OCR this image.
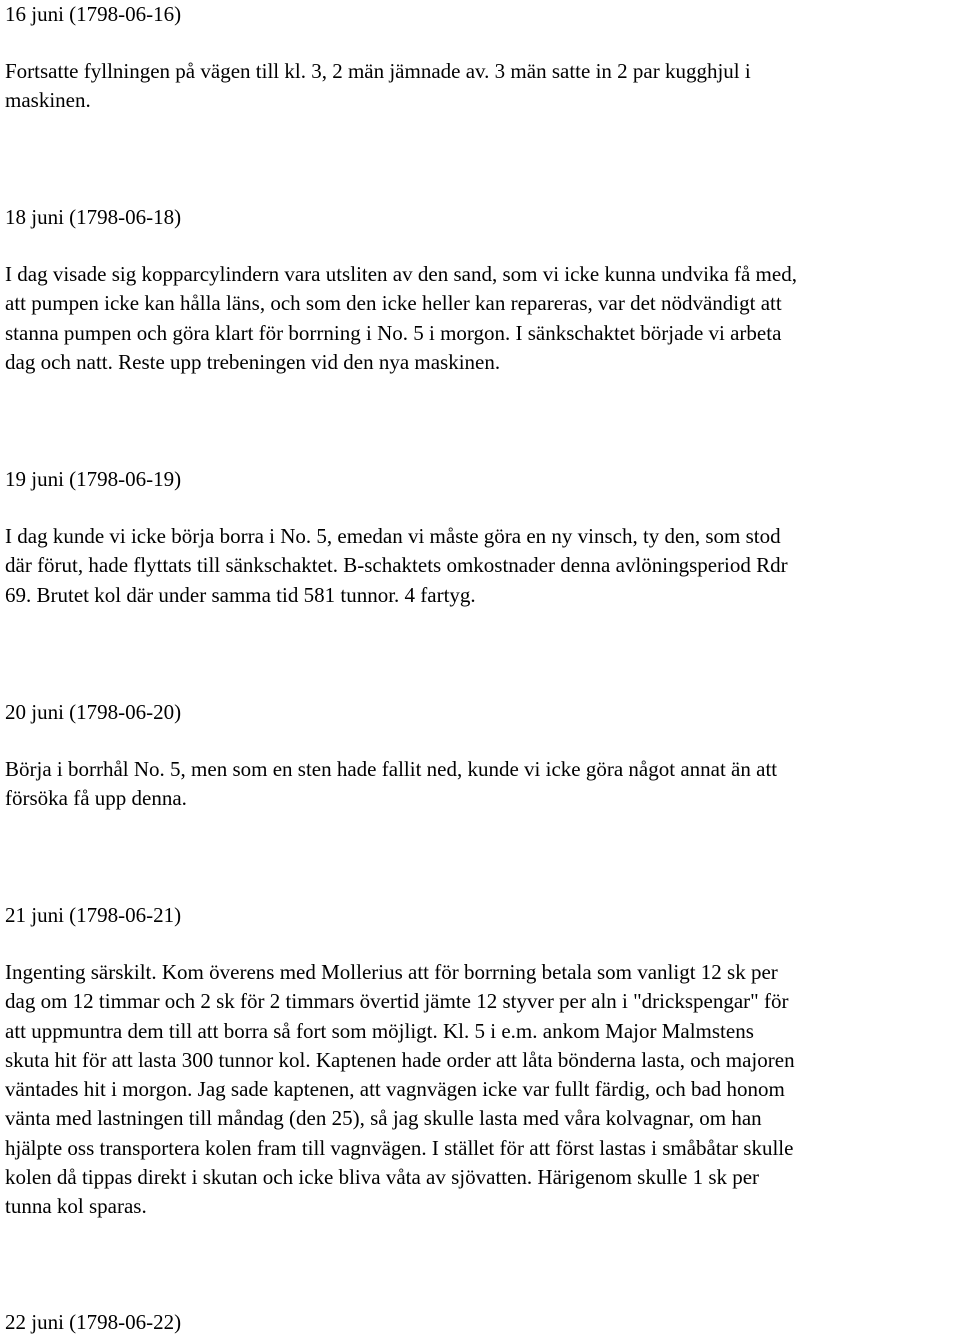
16 juni (1798-06-16)
Fortsatte fyllningen på vägen till kl. 3, 2 män jämnade av. 3 män satte in 2 par kugghjul i
maskinen.
18 juni (1798-06-18)
I dag visade sig kopparcylindern vara utsliten av den sand, som vi icke kunna undvika få med,
att pumpen icke kan hålla läns, och som den icke heller kan repareras, var det nödvändigt att
stanna pumpen och göra klart för borrning i No. 5 i morgon. I sänkschaktet började vi arbeta
dag och natt. Reste upp trebeningen vid den nya maskinen.
19 juni (1798-06-19)
I dag kunde vi icke börja borra i No. 5, emedan vi måste göra en ny vinsch, ty den, som stod
där förut, hade flyttats till sänkschaktet. B-schaktets omkostnader denna avlöningsperiod Rdr
69. Brutet kol där under samma tid 581 tunnor. 4 fartyg.
20 juni (1798-06-20)
Börja i borrhål No. 5, men som en sten hade fallit ned, kunde vi icke göra något annat än att
försöka få upp denna.
21 juni (1798-06-21)
Ingenting särskilt. Kom överens med Mollerius att för borrning betala som vanligt 12 sk per
dag om 12 timmar och 2 sk för 2 timmars övertid jämte 12 styver per aln i "drickspengar" för
att uppmuntra dem till att borra så fort som möjligt. Kl. 5 i e.m. ankom Major Malmstens
skuta hit för att lasta 300 tunnor kol. Kaptenen hade order att låta bönderna lasta, och majoren
väntades hit i morgon. Jag sade kaptenen, att vagnvägen icke var fullt färdig, och bad honom
vänta med lastningen till måndag (den 25), så jag skulle lasta med våra kolvagnar, om han
hjälpte oss transportera kolen fram till vagnvägen. I stället för att först lastas i småbåtar skulle
kolen då tippas direkt i skutan och icke bliva våta av sjövatten. Härigenom skulle 1 sk per
tunna kol sparas.
22 juni (1798-06-22)
